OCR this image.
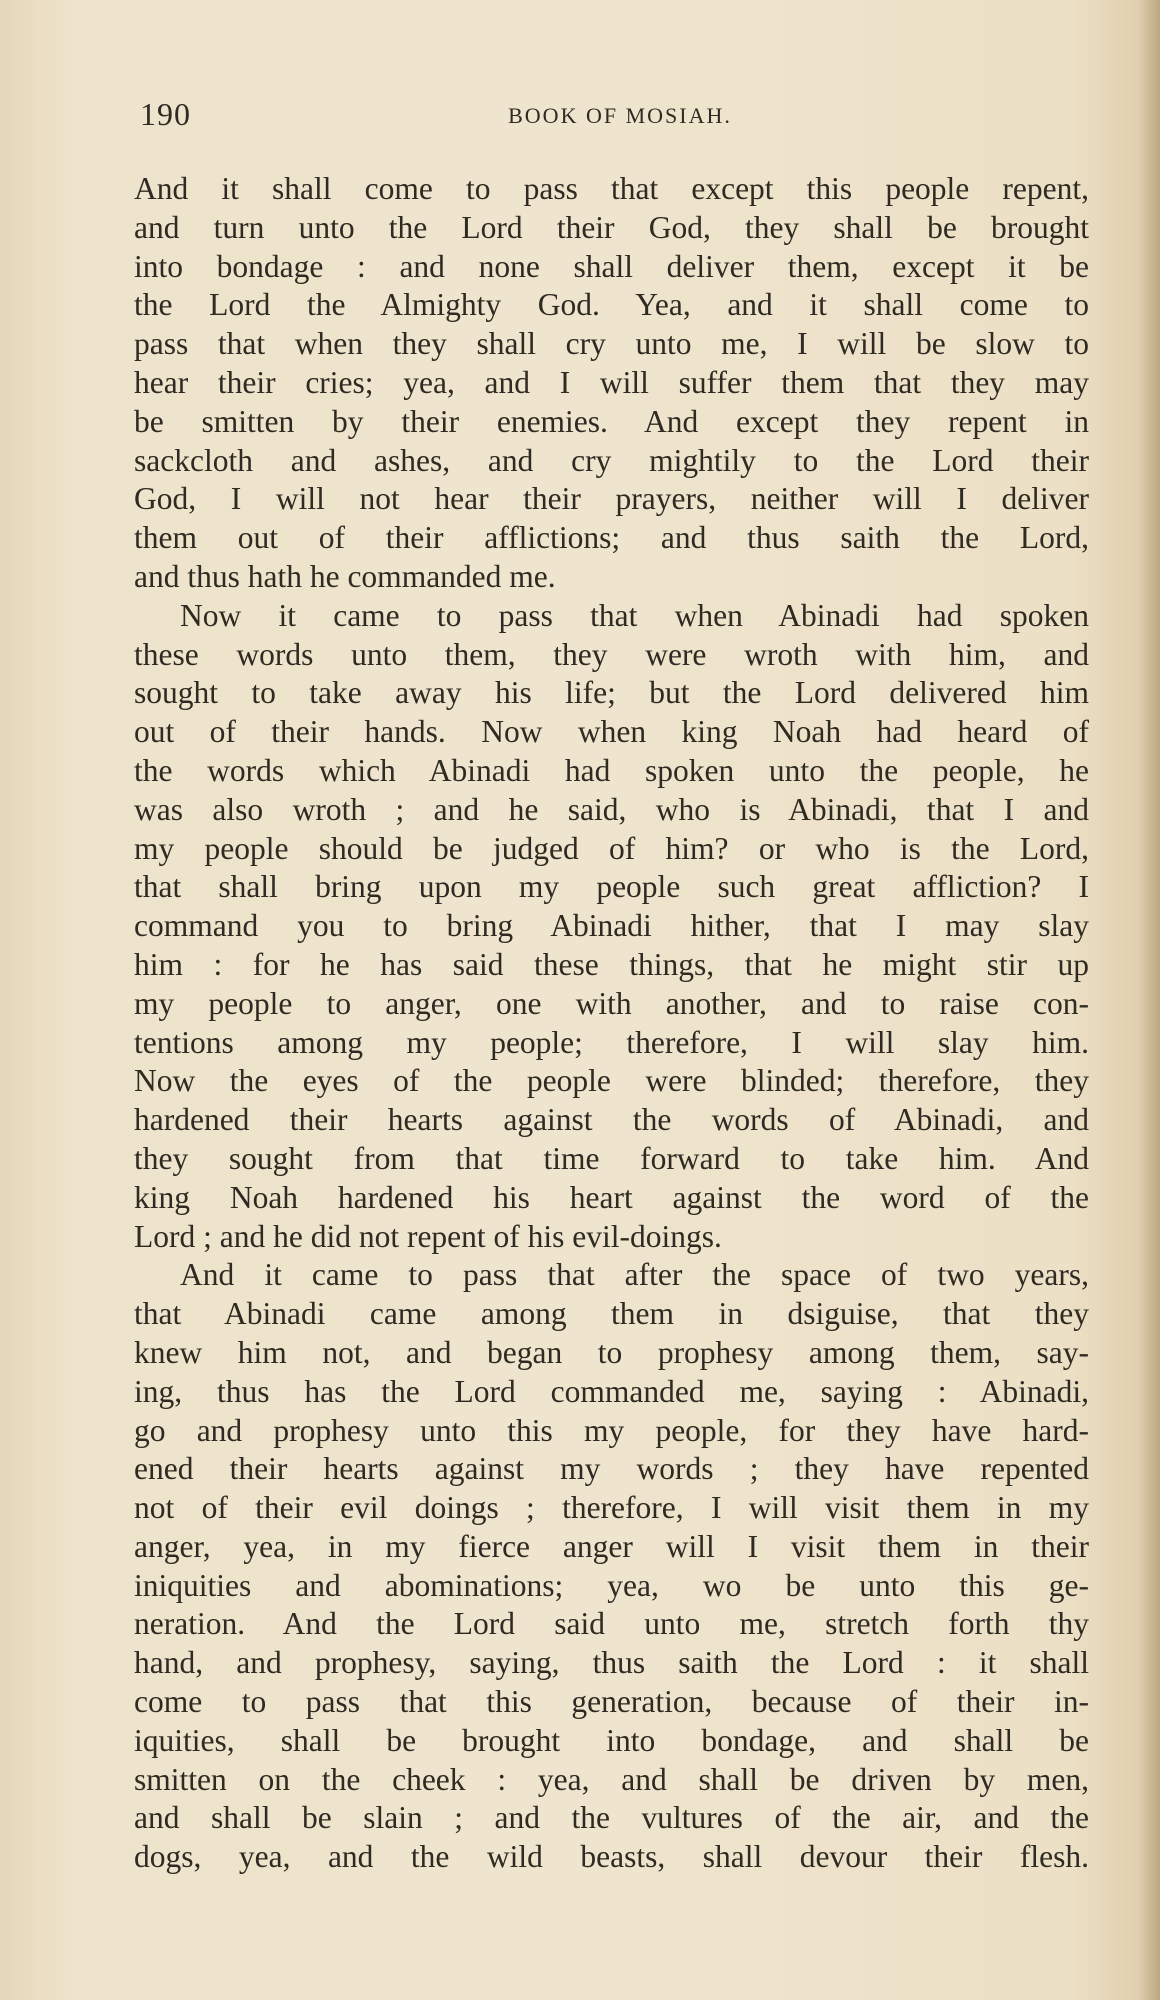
190	BOOK OF MOSIAH.
And it shall come to pass that except this people repent,
and turn unto the Lord their God, they shall be brought
into bondage : and none shall deliver them, except it be
the Lord the Almighty God. Yea, and it shall come to
pass that when they shall cry unto me, I will be slow to
hear their cries; yea, and I will suffer them that they may
be smitten by their enemies. And except they repent in
sackcloth and ashes, and cry mightily to the Lord their
God, I will not hear their prayers, neither will I deliver
them out of their afflictions; and thus saith the Lord,
and thus hath he commanded me.
Now it came to pass that when Abinadi had spoken
these words unto them, they were wroth with him, and
sought to take away his life; but the Lord delivered him
out of their hands. Now when king Noah had heard of
the words which Abinadi had spoken unto the people, he
was also wroth ; and he said, who is Abinadi, that I and
my people should be judged of him? or who is the Lord,
that shall bring upon my people such great affliction? I
command you to bring Abinadi hither, that I may slay
him : for he has said these things, that he might stir up
my people to anger, one with another, and to raise con-
tentions among my people; therefore, I will slay him.
Now the eyes of the people were blinded; therefore, they
hardened their hearts against the words of Abinadi, and
they sought from that time forward to take him. And
king Noah hardened his heart against the word of the
Lord ; and he did not repent of his evil-doings.
And it came to pass that after the space of two years,
that Abinadi came among them in dsiguise, that they
knew him not, and began to prophesy among them, say-
ing, thus has the Lord commanded me, saying : Abinadi,
go and prophesy unto this my people, for they have hard-
ened their hearts against my words ; they have repented
not of their evil doings ; therefore, I will visit them in my
anger, yea, in my fierce anger will I visit them in their
iniquities and abominations; yea, wo be unto this ge-
neration. And the Lord said unto me, stretch forth thy
hand, and prophesy, saying, thus saith the Lord : it shall
come to pass that this generation, because of their in-
iquities, shall be brought into bondage, and shall be
smitten on the cheek : yea, and shall be driven by men,
and shall be slain ; and the vultures of the air, and the
dogs, yea, and the wild beasts, shall devour their flesh.
